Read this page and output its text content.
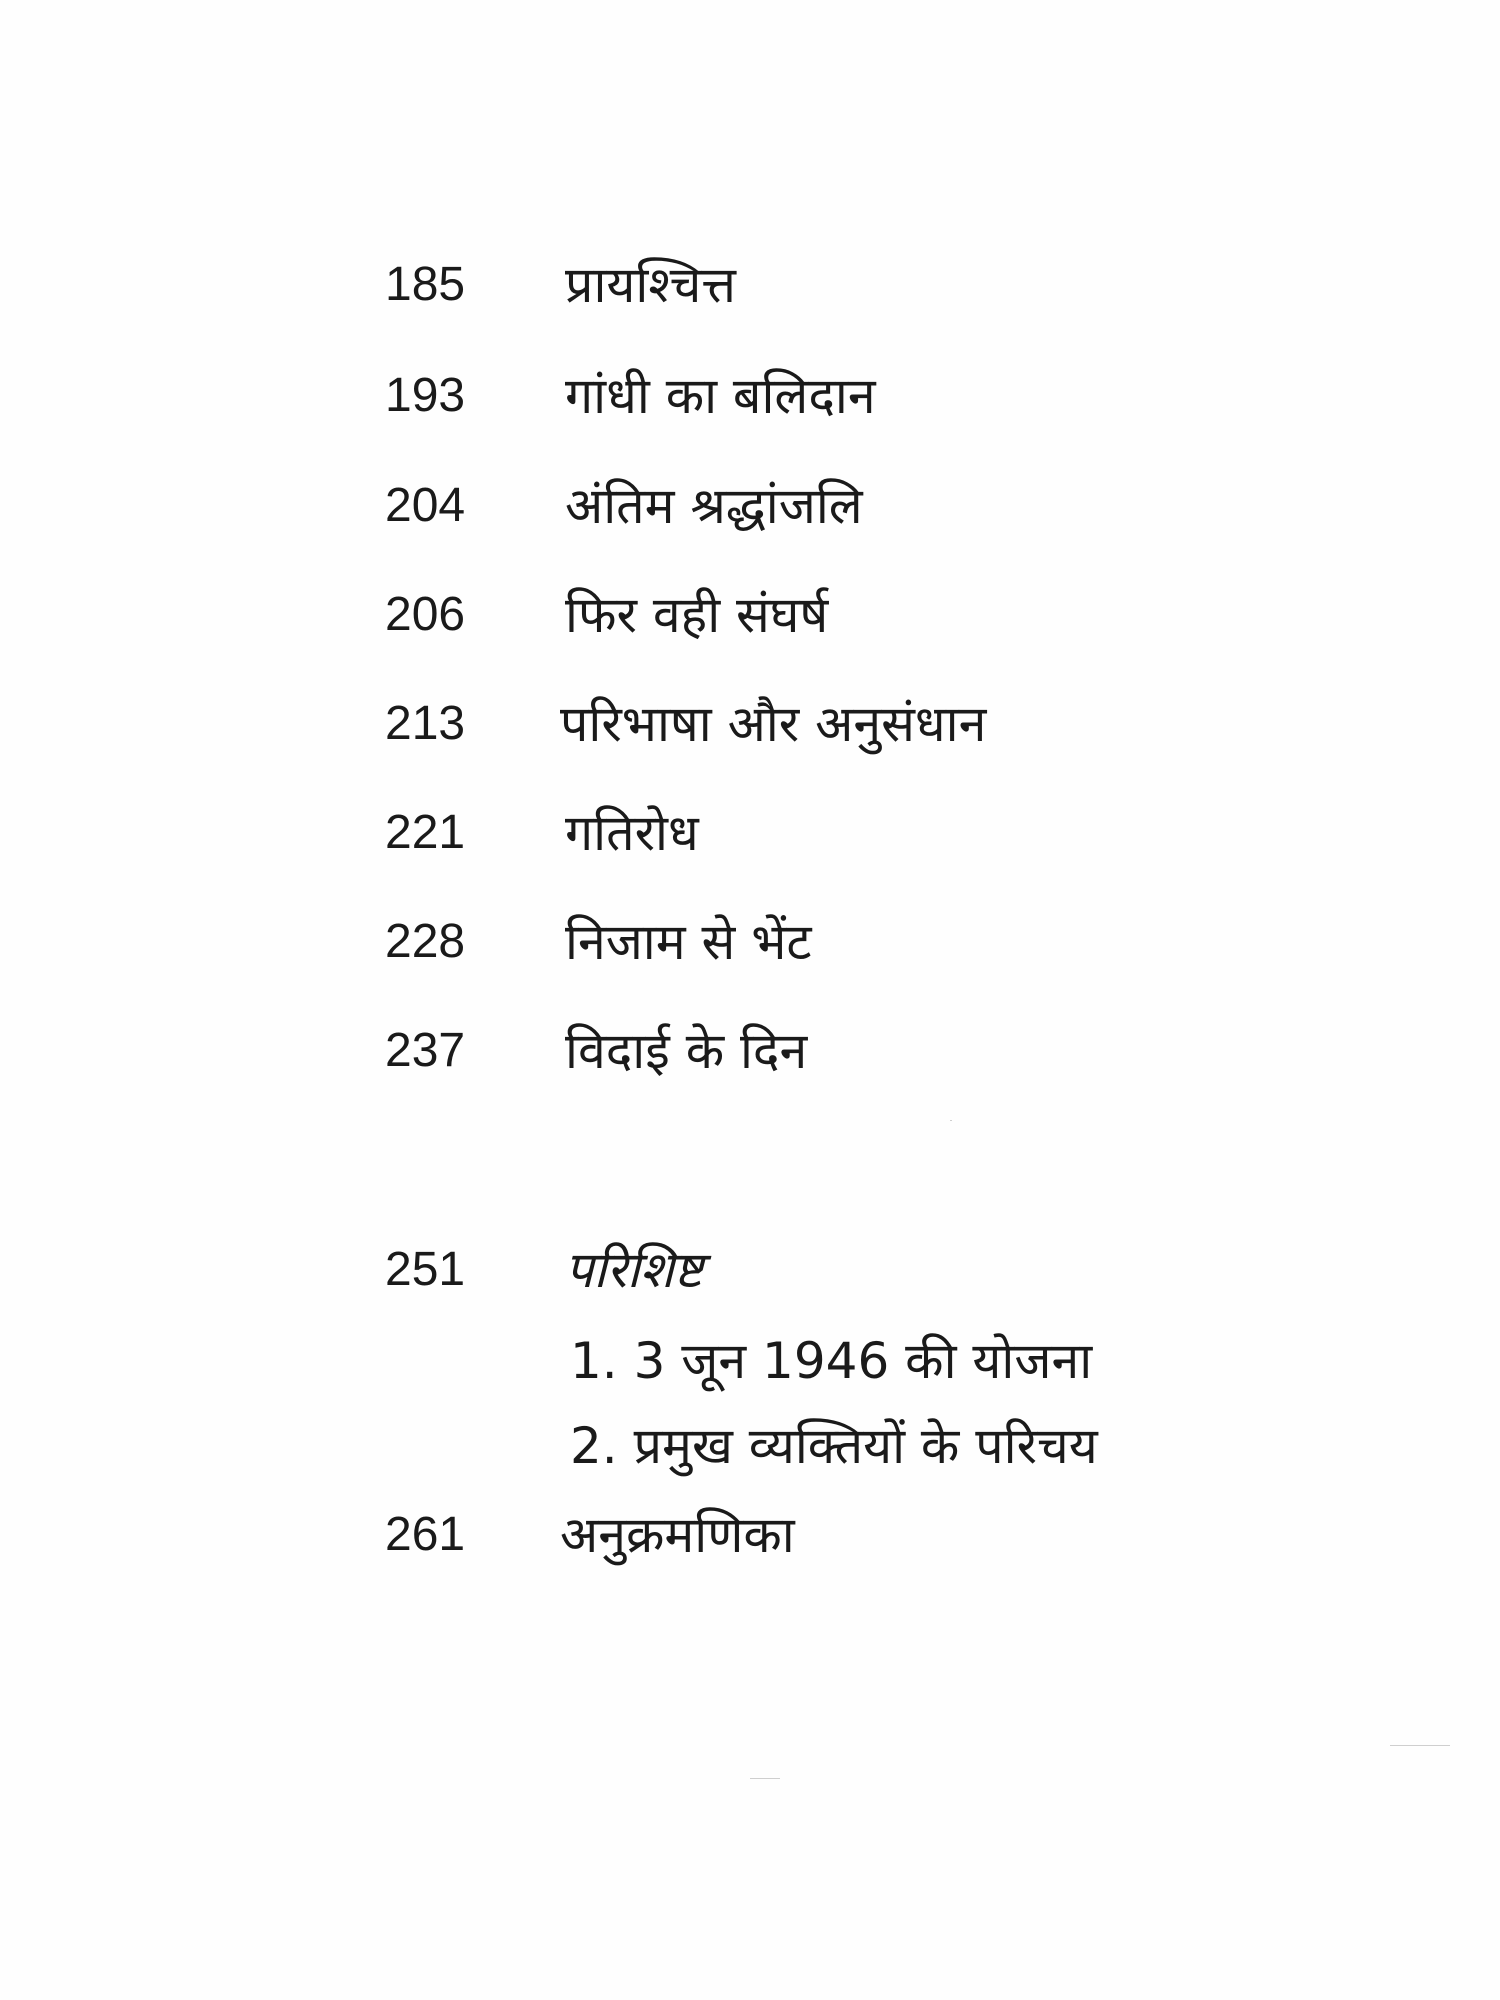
185 प्रायश्चित्त
193 गांधी का बलिदान
204 अंतिम श्रद्धांजलि
206 फिर वही संघर्ष
213 परिभाषा और अनुसंधान
221 गतिरोध
228 निजाम से भेंट
237 विदाई के दिन
251 परिशिष्ट
1. 3 जून 1946 की योजना
2. प्रमुख व्यक्तियों के परिचय
261 अनुक्रमणिका
